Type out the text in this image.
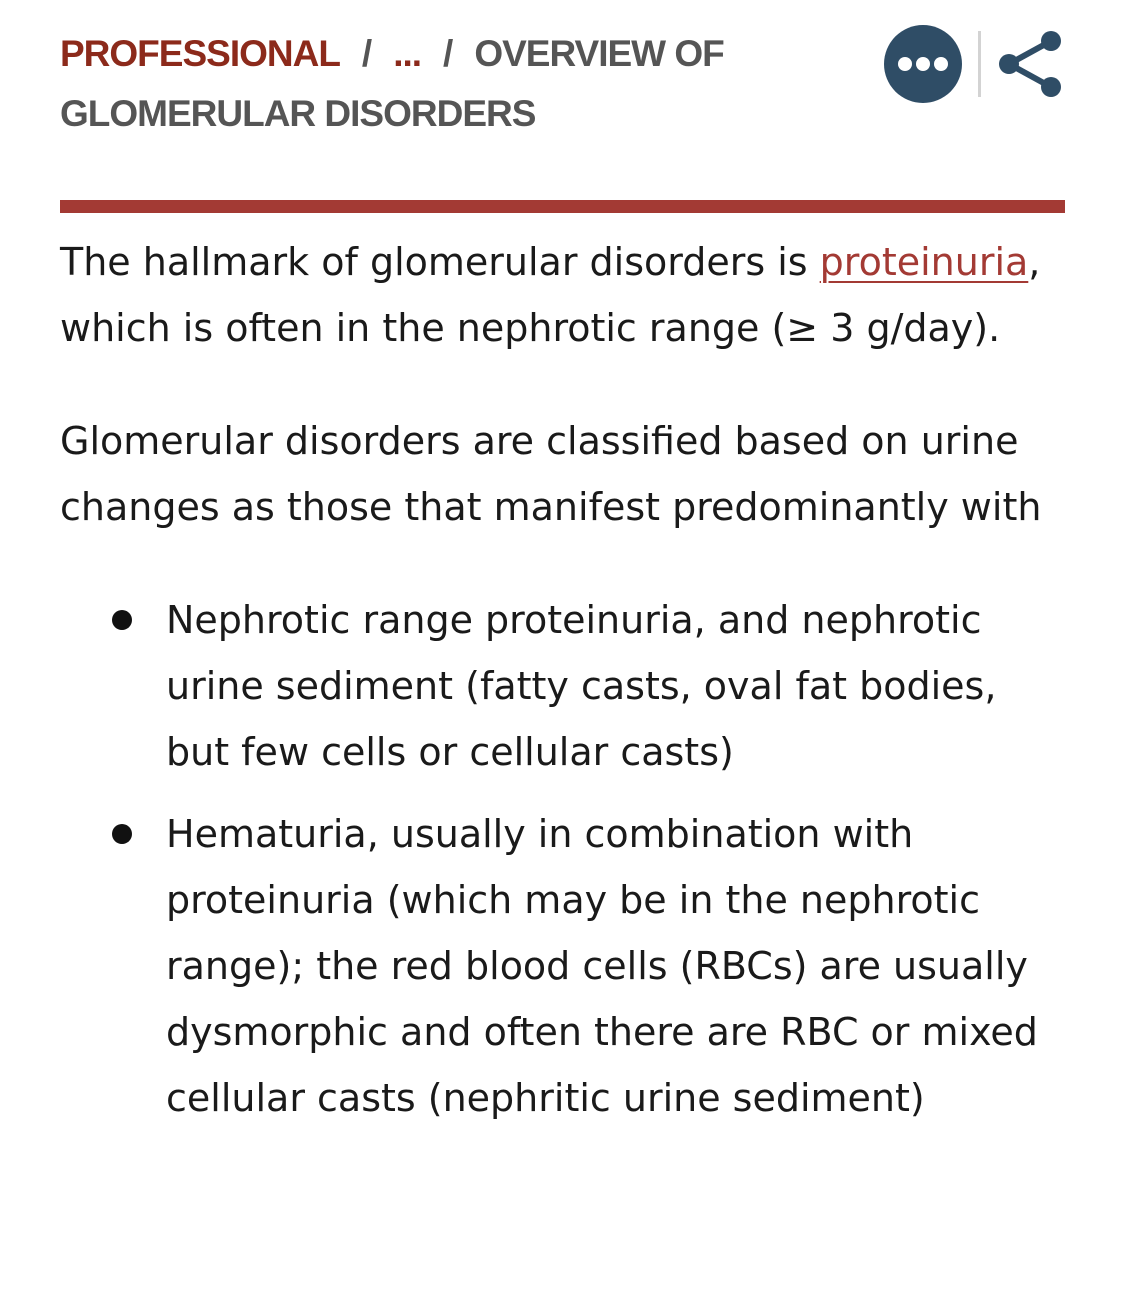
PROFESSIONAL / ... / OVERVIEW OF GLOMERULAR DISORDERS

The hallmark of glomerular disorders is proteinuria, which is often in the nephrotic range (≥ 3 g/day).

Glomerular disorders are classified based on urine changes as those that manifest predominantly with

Nephrotic range proteinuria, and nephrotic urine sediment (fatty casts, oval fat bodies, but few cells or cellular casts)
Hematuria, usually in combination with proteinuria (which may be in the nephrotic range); the red blood cells (RBCs) are usually dysmorphic and often there are RBC or mixed cellular casts (nephritic urine sediment)
